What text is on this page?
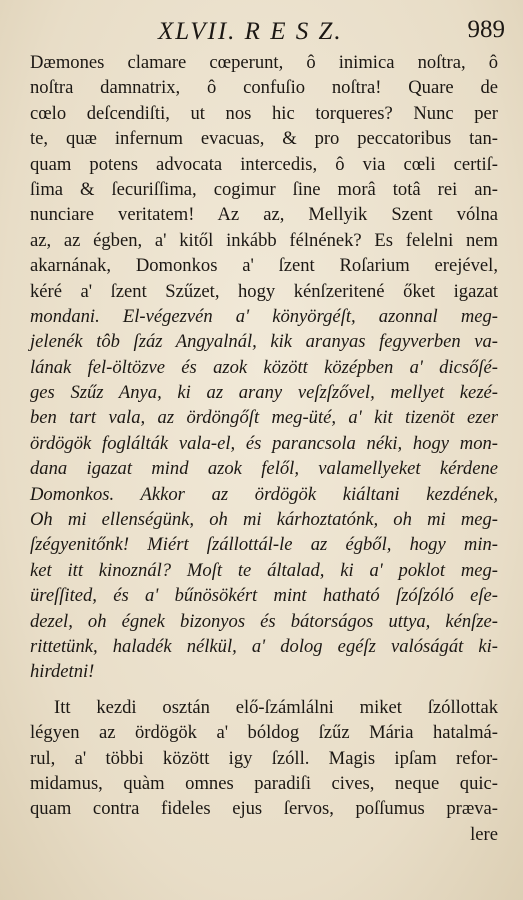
XLVII. R E S Z.	989
Dæmones clamare cœperunt, ô inimica noſtra, ô
noſtra damnatrix, ô confuſio noſtra! Quare de
cœlo deſcendiſti, ut nos hic torqueres? Nunc per
te, quæ infernum evacuas, & pro peccatoribus tan-
quam potens advocata intercedis, ô via cœli certiſ-
ſima & ſecuriſſima, cogimur ſine morâ totâ rei an-
nunciare veritatem! Az az, Mellyik Szent vólna
az, az égben, a' kitől inkább félnének? Es felelni nem
akarnának, Domonkos a' ſzent Roſarium erejével,
kéré a' ſzent Szűzet, hogy kénſzeritené őket igazat
mondani. El-végezvén a' könyörgéſt, azonnal meg-
jelenék tôb ſzáz Angyalnál, kik aranyas fegyverben va-
lának fel-öltözve és azok között középben a' dicsőſé-
ges Szűz Anya, ki az arany veſzſzővel, mellyet kezé-
ben tart vala, az ördöngőſt meg-üté, a' kit tizenöt ezer
ördögök foglálták vala-el, és parancsola néki, hogy mon-
dana igazat mind azok felől, valamellyeket kérdene
Domonkos. Akkor az ördögök kiáltani kezdének,
Oh mi ellenségünk, oh mi kárhoztatónk, oh mi meg-
ſzégyenitőnk! Miért ſzállottál-le az égből, hogy min-
ket itt kinoznál? Moſt te általad, ki a' poklot meg-
üreſſited, és a' bűnösökért mint hatható ſzóſzóló eſe-
dezel, oh égnek bizonyos és bátorságos uttya, kénſze-
rittetünk, haladék nélkül, a' dolog egéſz valóságát ki-
hirdetni!
Itt kezdi osztán elő-ſzámlálni miket ſzóllottak
légyen az ördögök a' bóldog ſzűz Mária hatalmá-
rul, a' többi között igy ſzóll. Magis ipſam refor-
midamus, quàm omnes paradiſi cives, neque quic-
quam contra fideles ejus ſervos, poſſumus præva-
lere
